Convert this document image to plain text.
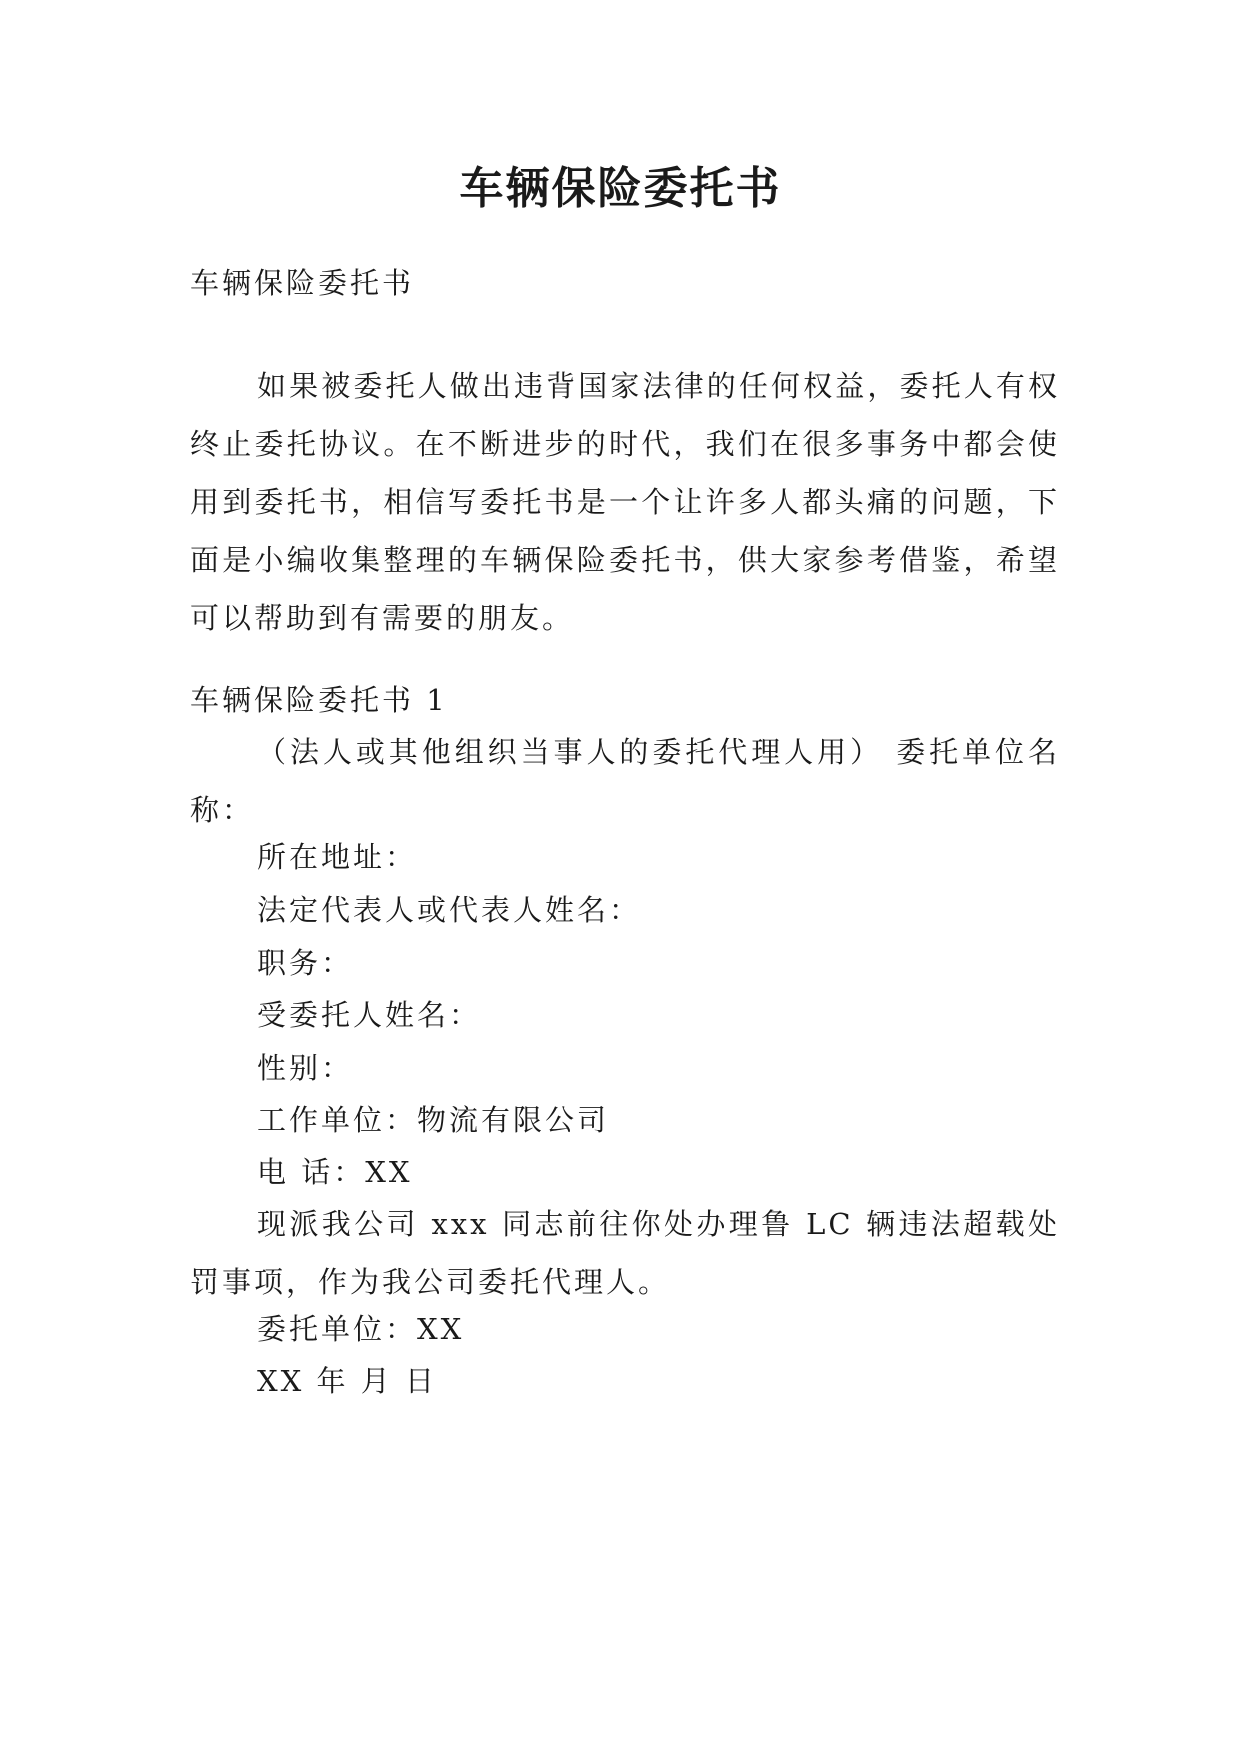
车辆保险委托书

车辆保险委托书

如果被委托人做出违背国家法律的任何权益，委托人有权终止委托协议。在不断进步的时代，我们在很多事务中都会使用到委托书，相信写委托书是一个让许多人都头痛的问题，下面是小编收集整理的车辆保险委托书，供大家参考借鉴，希望可以帮助到有需要的朋友。

车辆保险委托书 1

（法人或其他组织当事人的委托代理人用） 委托单位名称：

所在地址：

法定代表人或代表人姓名：

职务：

受委托人姓名：

性别：

工作单位：物流有限公司

电 话：XX

现派我公司 xxx 同志前往你处办理鲁 LC 辆违法超载处罚事项，作为我公司委托代理人。

委托单位：XX

XX 年 月 日
